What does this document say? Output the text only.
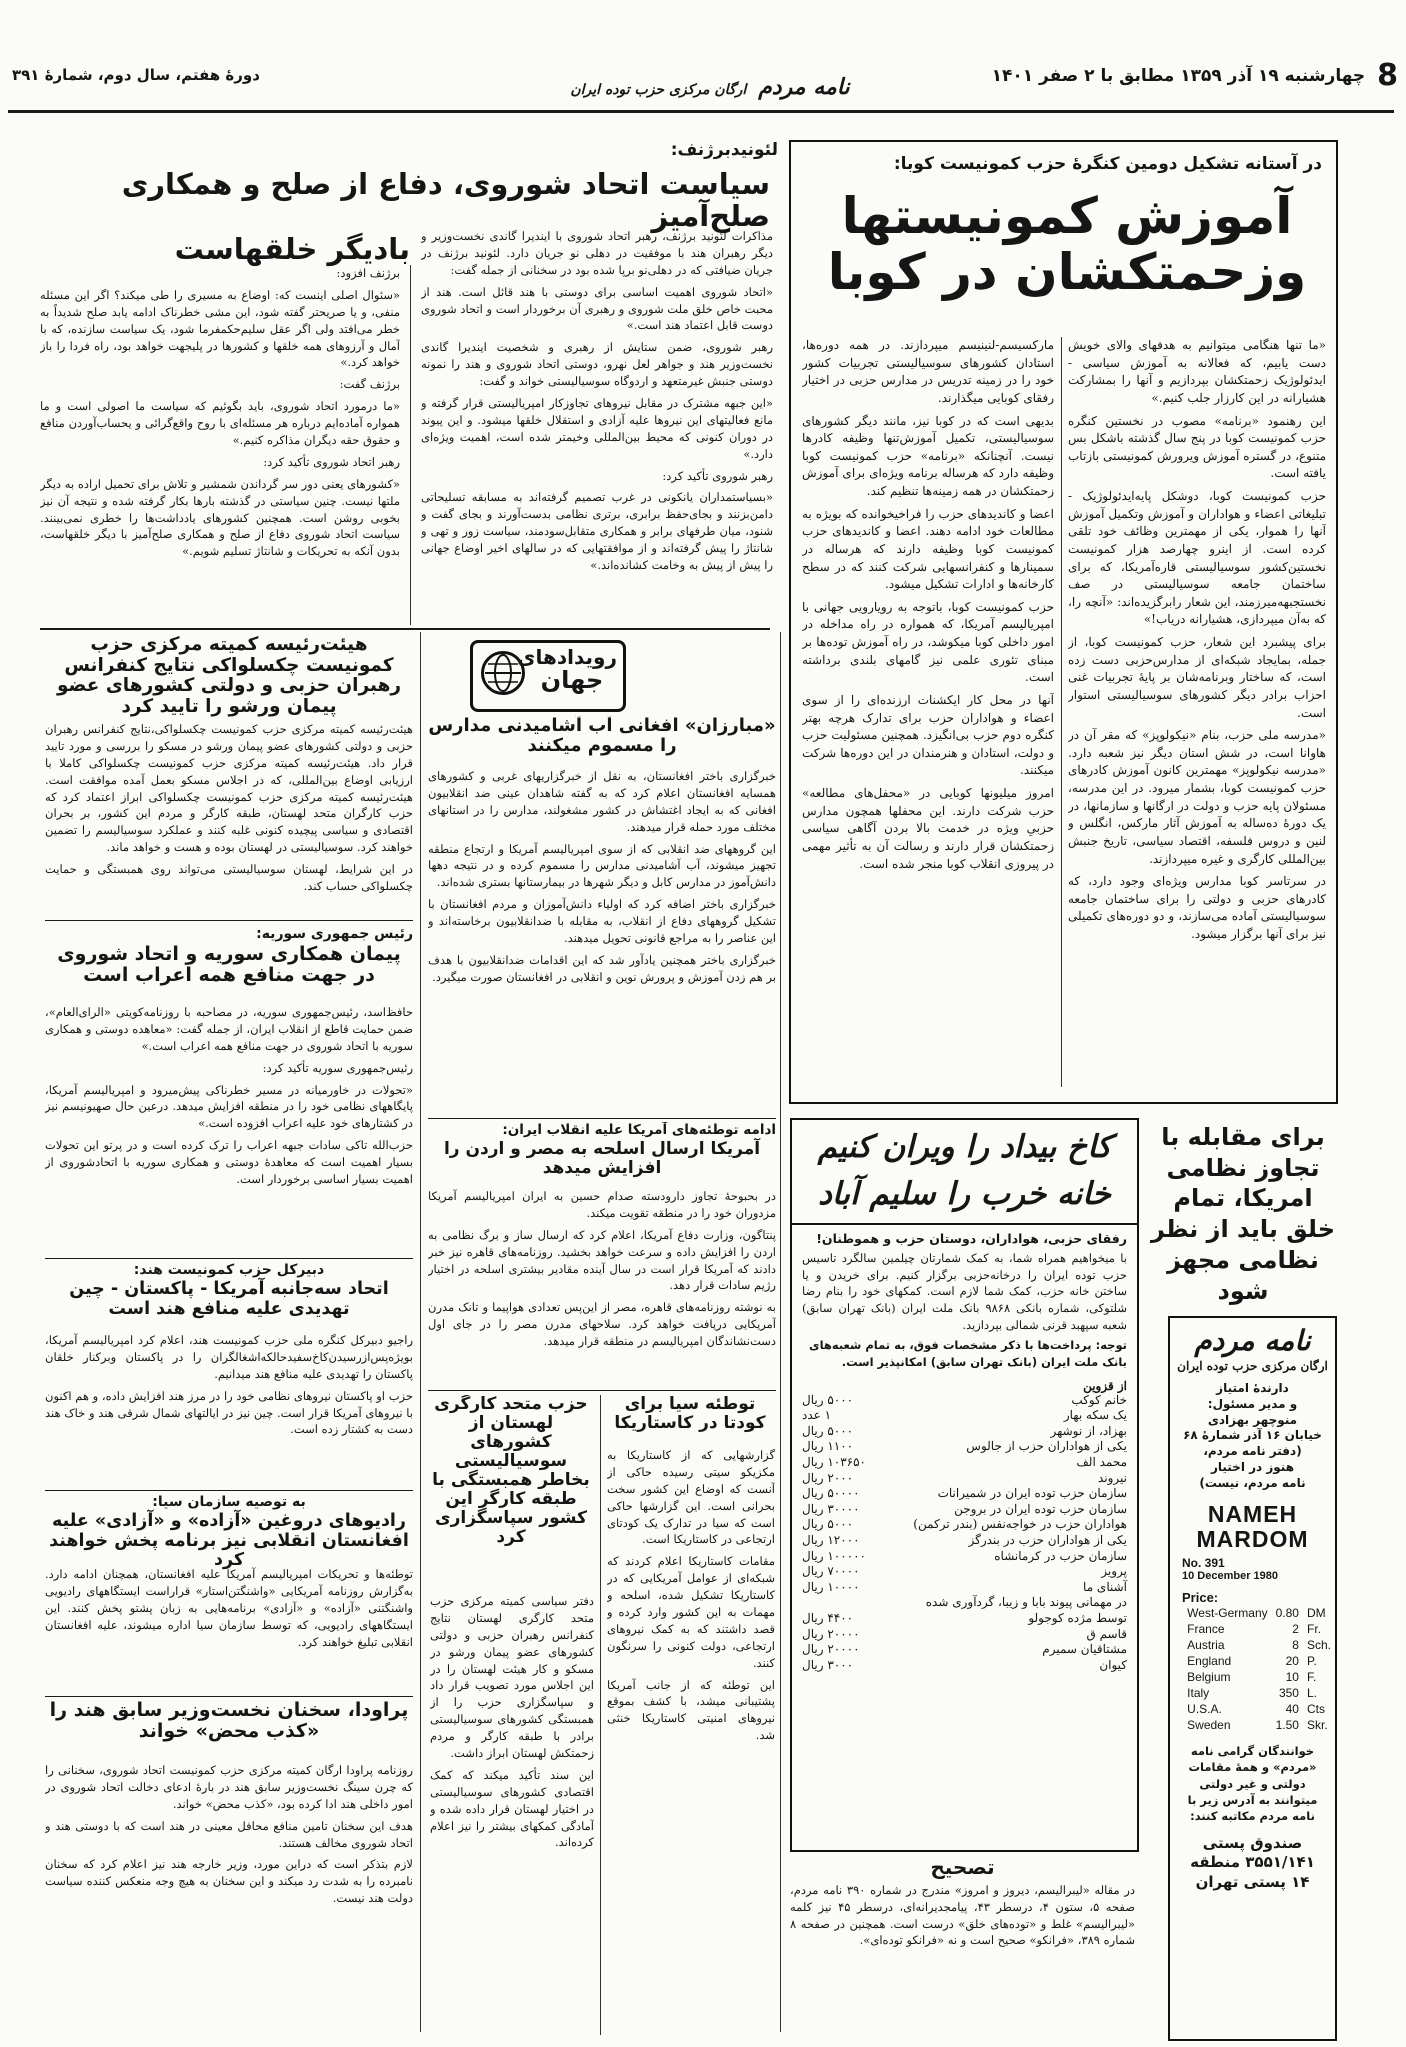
8 چهارشنبه ۱۹ آذر ۱۳۵۹ مطابق با ۲ صفر ۱۴۰۱
نامه مردم ارگان مرکزی حزب توده ایران
دورهٔ هفتم، سال دوم، شمارهٔ ۳۹۱
در آستانه تشکیل دومین کنگرهٔ حزب کمونیست کوبا:
آموزش کمونیستها
وزحمتکشان در کوبا

«ما تنها هنگامی میتوانیم به هدفهای والای خویش دست یابیم، که فعالانه به آموزش سیاسی - ایدئولوژیک زحمتکشان بپردازیم و آنها را بمشارکت هشیارانه در این کارزار جلب کنیم.»

این رهنمود «برنامه» مصوب در نخستین کنگره حزب کمونیست کوبا در پنج سال گذشته باشکل بس متنوع، در گستره آموزش ویرورش کمونیستی بازتاب یافته است.

حزب کمونیست کوبا، دوشکل پایه‌ایدئولوژیک - تبلیغاتی اعضاء و هواداران و آموزش وتکمیل آموزش آنها را هموار، یکی از مهمترین وظائف خود تلقی کرده است. از اینرو چهارصد هزار کمونیست نخستین‌کشور سوسیالیستی قاره‌آمریکا، که برای ساختمان جامعه سوسیالیستی در صف نخستجبهه‌میرزمند، این شعار رابرگزیده‌اند: «آنچه را، که به‌آن میپردازی، هشیارانه دریاب!»

برای پیشبرد این شعار، حزب کمونیست کوبا، از جمله، بمایجاد شبکه‌ای از مدارس‌حزبی دست زده است، که ساختار وبرنامه‌شان بر پایهٔ تجربیات غنی احزاب برادر دیگر کشورهای سوسیالیستی استوار است.

«مدرسه ملی حزب، بنام «نیکولوپز» که مقر آن در هاوانا است، در شش استان دیگر نیز شعبه دارد. «مدرسه نیکولوپز» مهمترین کانون آموزش کادرهای حزب کمونیست کوبا، بشمار میرود. در این مدرسه، مسئولان پایه حزب و دولت در ارگانها و سازمانها، در یک دورهٔ ده‌ساله به آموزش آثار مارکس، انگلس و لنین و دروس فلسفه، اقتصاد سیاسی، تاریخ جنبش بین‌المللی کارگری و غیره میپردازند.

در سرتاسر کوبا مدارس ویژه‌ای وجود دارد، که کادرهای حزبی و دولتی را برای ساختمان جامعه سوسیالیستی آماده می‌سازند، و دو دوره‌های تکمیلی نیز برای آنها برگزار میشود.

مارکسیسم-لنینیسم میپردازند. در همه دوره‌ها، استادان کشورهای سوسیالیستی تجربیات کشور خود را در زمینه تدریس در مدارس حزبی در اختیار رفقای کوبایی میگذارند.

بدیهی است که در کوبا نیز، مانند دیگر کشورهای سوسیالیستی، تکمیل آموزش‌تنها وظیفه کادرها نیست. آنچنانکه «برنامه» حزب کمونیست کوبا وظیفه دارد که هرساله برنامه ویژه‌ای برای آموزش زحمتکشان در همه زمینه‌ها تنظیم کند.

اعضا و کاندیدهای حزب را فراخیخوانده که بویژه به مطالعات خود ادامه دهند. اعضا و کاندیدهای حزب کمونیست کوبا وظیفه دارند که هرساله در سمینارها و کنفرانسهایی شرکت کنند که در سطح کارخانه‌ها و ادارات تشکیل میشود.

حزب کمونیست کوبا، باتوجه به رویارویی جهانی با امپریالیسم آمریکا، که همواره در راه مداخله در امور داخلی کوبا میکوشد، در راه آموزش توده‌ها بر مبنای تئوری علمی نیز گامهای بلندی برداشته است.

آنها در محل کار ایکشنات ارزنده‌ای را از سوی اعضاء و هواداران حزب برای تدارک هرچه بهتر کنگره دوم حزب بی‌انگیزد. همچنین مسئولیت حزب و دولت، استادان و هنرمندان در این دوره‌ها شرکت میکنند.

امروز میلیونها کوبایی در «محفل‌های مطالعه» حزب شرکت دارند. این محفلها همچون مدارس حزبیِ ویژه در خدمت بالا بردن آگاهی سیاسی زحمتکشان قرار دارند و رسالت آن به تأثیر مهمی در پیروزی انقلاب کوبا منجر شده است.

لئونیدبرژنف:
سیاست اتحاد شوروی، دفاع از صلح و همکاری صلح‌آمیز
بادیگر خلقهاست مذاکرات لئونید برژنف، رهبر اتحاد شوروی با ایندیرا گاندی نخست‌وزیر و دیگر رهبران هند با موفقیت در دهلی نو جریان دارد. لئونید برژنف در جریان ضیافتی که در دهلی‌نو برپا شده بود در سخنانی از جمله گفت:

«اتحاد شوروی اهمیت اساسی برای دوستی با هند قائل است. هند از محبت خاص خلق ملت شوروی و رهبری آن برخوردار است و اتحاد شوروی دوست قابل اعتماد هند است.»

رهبر شوروی، ضمن ستایش از رهبری و شخصیت ایندیرا گاندی نخست‌وزیر هند و جواهر لعل نهرو، دوستی اتحاد شوروی و هند را نمونه دوستی جنبش غیرمتعهد و اردوگاه سوسیالیستی خواند و گفت:

«این جبهه مشترک در مقابل نیروهای تجاوزکار امپریالیستی قرار گرفته و مانع فعالیتهای این نیروها علیه آزادی و استقلال خلقها میشود. و این پیوند در دوران کنونی که محیط بین‌المللی وخیمتر شده است، اهمیت ویژه‌ای دارد.»

رهبر شوروی تأکید کرد:

«بسیاستمداران یانکونی در غرب تصمیم گرفته‌اند به مسابقه تسلیحاتی دامن‌بزنند و بجای‌حفظ برابری، برتری نظامی بدست‌آورند و بجای گفت و شنود، میان طرفهای برابر و همکاری متقابل‌سودمند، سیاست زور و تهی و شانتاژ را پیش گرفته‌اند و از موافقتهایی که در سالهای اخیر اوضاع جهانی را پیش از پیش به وخامت کشانده‌اند.»

برژنف افزود:

«سئوال اصلی اینست که: اوضاع به مسیری را طی میکند؟ اگر این مسئله منفی، و یا صریحتر گفته شود، این مشی خطرناک ادامه یابد صلح شدیداً به خطر می‌افتد ولی اگر عقل سلیم‌حکمفرما شود، یک سیاست سازنده، که با آمال و آرزوهای همه خلقها و کشورها در پلیجهت خواهد بود، راه فردا را باز خواهد کرد.»

برژنف گفت:

«ما درمورد اتحاد شوروی، باید بگوئیم که سیاست ما اصولی است و ما همواره آماده‌ایم درباره هر مسئله‌ای با روح واقع‌گرائی و یحساب‌آوردن منافع و حقوق حقه دیگران مذاکره کنیم.»

رهبر اتحاد شوروی تأکید کرد:

«کشورهای یعنی دور سر گرداندن شمشیر و تلاش برای تحمیل اراده به دیگر ملتها نیست. چنین سیاستی در گذشته بارها بکار گرفته شده و نتیجه آن نیز بخوبی روشن است. همچنین کشورهای یادداشت‌ها را خطری نمی‌بینند. سیاست اتحاد شوروی دفاع از صلح و همکاری صلح‌آمیز با دیگر خلقهاست، بدون آنکه به تحریکات و شانتاژ تسلیم شویم.»

هیئت‌رئیسه کمیته مرکزی حزب کمونیست چکسلواکی نتایج کنفرانس رهبران حزبی و دولتی کشورهای عضو پیمان ورشو را تایید کرد

هیئت‌رئیسه کمیته مرکزی حزب کمونیست چکسلواکی،نتایج کنفرانس رهبران حزبی و دولتی کشورهای عضو پیمان ورشو در مسکو را بررسی و مورد تایید قرار داد. هیئت‌رئیسه کمیته مرکزی حزب کمونیست چکسلواکی کاملا با ارزیابی اوضاع بین‌المللی، که در اجلاس مسکو بعمل آمده موافقت است. هیئت‌رئیسه کمیته مرکزی حزب کمونیست چکسلواکی ابراز اعتماد کرد که حزب کارگران متحد لهستان، طبقه کارگر و مردم این کشور، بر بحران اقتصادی و سیاسی پیچیده کنونی غلبه کنند و عملکرد سوسیالیسم را تضمین خواهند کرد. سوسیالیستی در لهستان بوده و هست و خواهد ماند.

در این شرایط، لهستان سوسیالیستی می‌تواند روی همبستگی و حمایت چکسلواکی حساب کند.

رئیس جمهوری سوریه:
پیمان همکاری سوریه و اتحاد شوروی در جهت منافع همه اعراب است

حافظ‌اسد، رئیس‌جمهوری سوریه، در مصاحبه با روزنامه‌کویتی «الرای‌العام»، ضمن حمایت قاطع از انقلاب ایران، از جمله گفت: «معاهده دوستی و همکاری سوریه با اتحاد شوروی در جهت منافع همه اعراب است.»

رئیس‌جمهوری سوریه تأکید کرد:

«تحولات در خاورمیانه در مسیر خطرناکی پیش‌میرود و امپریالیسم آمریکا، پایگاههای نظامی خود را در منطقه افزایش میدهد. درعین حال صهیونیسم نیز در کشتارهای خود علیه اعراب افزوده است.»

حزب‌الله تاکی سادات جبهه اعراب را ترک کرده است و در پرتو این تحولات بسیار اهمیت است که معاهدهٔ دوستی و همکاری سوریه با اتحادشوروی از اهمیت بسیار اساسی برخوردار است.

دبیرکل حزب کمونیست هند:
اتحاد سه‌جانبه آمریکا - پاکستان - چین تهدیدی علیه منافع هند است

راجیو دبیرکل کنگره ملی حزب کمونیست هند، اعلام کرد امپریالیسم آمریکا، بویژه‌پس‌ازرسیدن‌کاخ‌سفیدحالکه‌اشغالگران را در پاکستان وبرکنار خلقان پاکستان را تهدیدی علیه منافع هند میدانیم.

حزب او پاکستان نیروهای نظامی خود را در مرز هند افزایش داده، و هم اکنون با نیروهای آمریکا قرار است. چین نیز در ایالتهای شمال شرقی هند و خاک هند دست به کشتار زده است.

به توصیه سازمان سیا:
رادیوهای دروغین «آزاده» و «آزادی» علیه افغانستان انقلابی نیز برنامه پخش خواهند کرد

توطئه‌ها و تحریکات امپریالیسم آمریکا علیه افغانستان، همچنان ادامه دارد. به‌گزارش روزنامه آمریکایی «واشنگتن‌استار» قراراست ایستگاههای رادیویی واشنگتنی «آزاده» و «آزادی» برنامه‌هایی به زبان پشتو پخش کنند. این ایستگاههای رادیویی، که توسط سازمان سیا اداره میشوند، علیه افغانستان انقلابی تبلیغ خواهند کرد.

پراودا، سخنان نخست‌وزیر سابق هند را «کذب محض» خواند

روزنامه پراودا ارگان کمیته مرکزی حزب کمونیست اتحاد شوروی، سخنانی را که چرن سینگ نخست‌وزیر سابق هند در بارهٔ ادعای دخالت اتحاد شوروی در امور داخلی هند ادا کرده بود، «کذب محض» خواند.

هدف این سخنان تامین منافع محافل معینی در هند است که با دوستی هند و اتحاد شوروی مخالف هستند.

لازم بتذکر است که دراین مورد، وزیر خارجه هند نیز اعلام کرد که سخنان نامبرده را به شدت رد میکند و این سخنان به هیچ وجه منعکس کننده سیاست دولت هند نیست.

رویدادهای
جهان
«مبارزان» افغانی آب آشامیدنی مدارس را مسموم میکنند

خبرگزاری باختر افغانستان، به نقل از خبرگزاریهای غربی و کشورهای همسایه افغانستان اعلام کرد که به گفته شاهدان عینی ضد انقلابیون افغانی که به ایجاد اغتشاش در کشور مشغولند، مدارس را در استانهای مختلف مورد حمله قرار میدهند.

این گروههای ضد انقلابی که از سوی امپریالیسم آمریکا و ارتجاع منطقه تجهیز میشوند، آب آشامیدنی مدارس را مسموم کرده و در نتیجه دهها دانش‌آموز در مدارس کابل و دیگر شهرها در بیمارستانها بستری شده‌اند.

خبرگزاری باختر اضافه کرد که اولیاء دانش‌آموزان و مردم افغانستان با تشکیل گروههای دفاع از انقلاب، به مقابله با ضدانقلابیون برخاسته‌اند و این عناصر را به مراجع قانونی تحویل میدهند.

خبرگزاری باختر همچنین یادآور شد که این اقدامات ضدانقلابیون با هدف بر هم زدن آموزش و پرورش نوین و انقلابی در افغانستان صورت میگیرد.

ادامه توطئه‌های آمریکا علیه انقلاب ایران:
آمریکا ارسال اسلحه به مصر و اردن را افزایش میدهد

در بحبوحهٔ تجاوز دارودسته صدام حسین به ایران امپریالیسم آمریکا مزدوران خود را در منطقه تقویت میکند.

پنتاگون، وزارت دفاع آمریکا، اعلام کرد که ارسال ساز و برگ نظامی به اردن را افزایش داده و سرعت خواهد بخشید. روزنامه‌های قاهره نیز خبر دادند که آمریکا قرار است در سال آینده مقادیر بیشتری اسلحه در اختیار رژیم سادات قرار دهد.

به نوشته روزنامه‌های قاهره، مصر از این‌پس تعدادی هواپیما و تانک مدرن آمریکایی دریافت خواهد کرد. سلاحهای مدرن مصر را در جای اول دست‌نشاندگان امپریالیسم در منطقه قرار میدهد.

توطئه سیا برای کودتا در کاستاریکا

گزارشهایی که از کاستاریکا به مکزیکو سیتی رسیده حاکی از آنست که اوضاع این کشور سخت بحرانی است. این گزارشها حاکی است که سیا در تدارک یک کودتای ارتجاعی در کاستاریکا است.

مقامات کاستاریکا اعلام کردند که شبکه‌ای از عوامل آمریکایی که در کاستاریکا تشکیل شده، اسلحه و مهمات به این کشور وارد کرده و قصد داشتند که به کمک نیروهای ارتجاعی، دولت کنونی را سرنگون کنند.

این توطئه که از جانب آمریکا پشتیبانی میشد، با کشف بموقع نیروهای امنیتی کاستاریکا خنثی شد.

حزب متحد کارگری لهستان از کشورهای سوسیالیستی بخاطر همبستگی با طبقه کارگر این کشور سپاسگزاری کرد

دفتر سیاسی کمیته مرکزی حزب متحد کارگری لهستان نتایج کنفرانس رهبران حزبی و دولتی کشورهای عضو پیمان ورشو در مسکو و کار هیئت لهستان را در این اجلاس مورد تصویب قرار داد و سپاسگزاری حزب را از همبستگی کشورهای سوسیالیستی برادر با طبقه کارگر و مردم زحمتکش لهستان ابراز داشت.

این سند تأکید میکند که کمک اقتصادی کشورهای سوسیالیستی در اختیار لهستان قرار داده شده و آمادگی کمکهای بیشتر را نیز اعلام کرده‌اند.

برای مقابله با تجاوز نظامی امریکا، تمام خلق باید از نظر نظامی مجهز شود
نامه مردم
ارگان مرکزی حزب توده ایران
دارندهٔ امتیاز
و مدیر مسئول:
منوچهر بهزادی
خیابان ۱۶ آذر شمارهٔ ۶۸
(دفتر نامه مردم،
هنوز در اختیار
نامه مردم، نیست)
NAMEH
MARDOM
No. 391
10 December 1980
Price:
West-Germany	0.80	DM
France	2	Fr.
Austria	8	Sch.
England	20	P.
Belgium	10	F.
Italy	350	L.
U.S.A.	40	Cts
Sweden	1.50	Skr.
خوانندگان گرامی نامه «مردم» و همهٔ مقامات دولتی و غیر دولتی میتوانند به آدرس زیر با نامه مردم مکاتبه کنند:
صندوق پستی
۳۵۵۱/۱۴۱ منطقه
۱۴ پستی تهران
کاخ بیداد را ویران کنیم
خانه خرب را سلیم آباد
رفقای حزبی، هواداران، دوستان حزب و هموطنان!
با میخواهیم همراه شما، به کمک شمارتان چیلمین سالگرد تاسیس حزب توده ایران را درخانه‌حزبی برگزار کنیم. برای خریدن و یا ساختن خانه حزب، کمک شما لازم است. کمکهای خود را بنام رضا شلتوکی، شماره بانکی ۹۸۶۸ بانک ملت ایران (بانک تهران سابق) شعبه سپهبد قرنی شمالی بپردازید.
توجه: پرداخت‌ها با ذکر مشخصات فوق، به تمام شعبه‌های بانک ملت ایران (بانک تهران سابق) امکانپذیر است.
از قزوین
خانم کوکب
۵۰۰۰ ریال
یک سکه بهار
۱ عدد
بهزاد، از نوشهر
۵۰۰۰ ریال
یکی از هواداران حزب از جالوس
۱۱۰۰ ریال
محمد الف
۱۰۳۶۵۰ ریال
نیروند
۲۰۰۰ ریال
سازمان حزب توده ایران در شمیرانات
۵۰۰۰۰ ریال
سازمان حزب توده ایران در بروجن
۳۰۰۰۰ ریال
هواداران حزب در خواجه‌نفس (بندر ترکمن)
۵۰۰۰ ریال
یکی از هواداران حزب در بندرگز
۱۲۰۰۰ ریال
سازمان حزب در کرمانشاه
۱۰۰۰۰۰ ریال
پرویز
۷۰۰۰۰ ریال
آشنای ما
۱۰۰۰۰ ریال
در مهمانی پیوند بابا و زیبا، گردآوری شده
توسط مژده کوجولو
۴۴۰۰ ریال
قاسم ق
۲۰۰۰۰ ریال
مشتاقیان سمیرم
۲۰۰۰۰ ریال
کیوان
۳۰۰۰ ریال
تصحیح
در مقاله «لیبرالیسم، دیروز و امروز» مندرج در شماره ۳۹۰ نامه مردم، صفحه ۵، ستون ۴، درسطر ۴۳، پیامجدیرانه‌ای، درسطر ۴۵ نیز کلمه «لیبرالیسم» غلط و «توده‌های خلق» درست است. همچنین در صفحه ۸ شماره ۳۸۹، «فرانکو» صحیح است و نه «فرانکو توده‌ای».
